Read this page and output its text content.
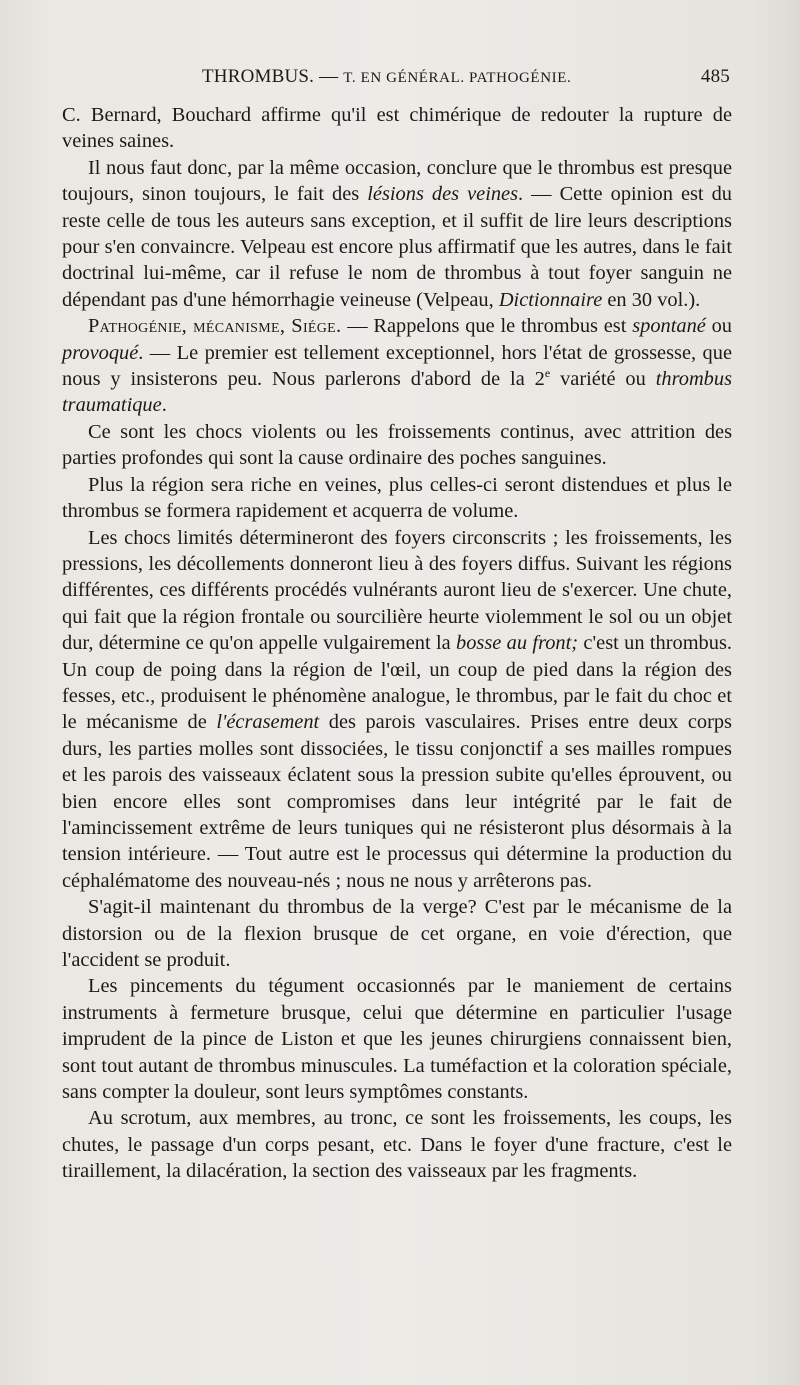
THROMBUS. — T. EN GÉNÉRAL. PATHOGÉNIE.	485

C. Bernard, Bouchard affirme qu'il est chimérique de redouter la rupture de veines saines.

Il nous faut donc, par la même occasion, conclure que le thrombus est presque toujours, sinon toujours, le fait des lésions des veines. — Cette opinion est du reste celle de tous les auteurs sans exception, et il suffit de lire leurs descriptions pour s'en convaincre. Velpeau est encore plus affirmatif que les autres, dans le fait doctrinal lui-même, car il refuse le nom de thrombus à tout foyer sanguin ne dépendant pas d'une hémorrhagie veineuse (Velpeau, Dictionnaire en 30 vol.).

Pathogénie, mécanisme, Siége. — Rappelons que le thrombus est spontané ou provoqué. — Le premier est tellement exceptionnel, hors l'état de grossesse, que nous y insisterons peu. Nous parlerons d'abord de la 2e variété ou thrombus traumatique.

Ce sont les chocs violents ou les froissements continus, avec attrition des parties profondes qui sont la cause ordinaire des poches sanguines.

Plus la région sera riche en veines, plus celles-ci seront distendues et plus le thrombus se formera rapidement et acquerra de volume.

Les chocs limités détermineront des foyers circonscrits ; les froissements, les pressions, les décollements donneront lieu à des foyers diffus. Suivant les régions différentes, ces différents procédés vulnérants auront lieu de s'exercer. Une chute, qui fait que la région frontale ou sourcilière heurte violemment le sol ou un objet dur, détermine ce qu'on appelle vulgairement la bosse au front; c'est un thrombus. Un coup de poing dans la région de l'œil, un coup de pied dans la région des fesses, etc., produisent le phénomène analogue, le thrombus, par le fait du choc et le mécanisme de l'écrasement des parois vasculaires. Prises entre deux corps durs, les parties molles sont dissociées, le tissu conjonctif a ses mailles rompues et les parois des vaisseaux éclatent sous la pression subite qu'elles éprouvent, ou bien encore elles sont compromises dans leur intégrité par le fait de l'amincissement extrême de leurs tuniques qui ne résisteront plus désormais à la tension intérieure. — Tout autre est le processus qui détermine la production du céphalématome des nouveau-nés ; nous ne nous y arrêterons pas.

S'agit-il maintenant du thrombus de la verge? C'est par le mécanisme de la distorsion ou de la flexion brusque de cet organe, en voie d'érection, que l'accident se produit.

Les pincements du tégument occasionnés par le maniement de certains instruments à fermeture brusque, celui que détermine en particulier l'usage imprudent de la pince de Liston et que les jeunes chirurgiens connaissent bien, sont tout autant de thrombus minuscules. La tuméfaction et la coloration spéciale, sans compter la douleur, sont leurs symptômes constants.

Au scrotum, aux membres, au tronc, ce sont les froissements, les coups, les chutes, le passage d'un corps pesant, etc. Dans le foyer d'une fracture, c'est le tiraillement, la dilacération, la section des vaisseaux par les fragments.
